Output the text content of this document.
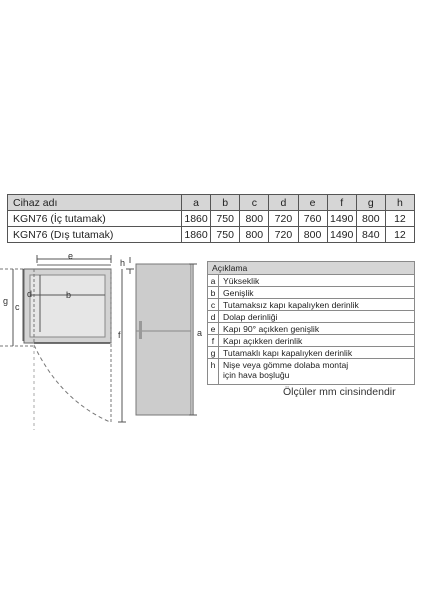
Cihaz adı	a	b	c	d	e	f	g	h
KGN76 (İç tutamak)	1860	750	800	720	760	1490	800	12
KGN76 (Dış tutamak)	1860	750	800	720	800	1490	840	12
e
h
g
c
d	b
f	a
Açıklama	
a	Yükseklik
b	Genişlik
c	Tutamaksız kapı kapalıyken derinlik
d	Dolap derinliği
e	Kapı 90° açıkken genişlik
f	Kapı açıkken derinlik
g	Tutamaklı kapı kapalıyken derinlik
h	Nişe veya gömme dolaba montaj
için hava boşluğu
Ölçüler mm cinsindendir
